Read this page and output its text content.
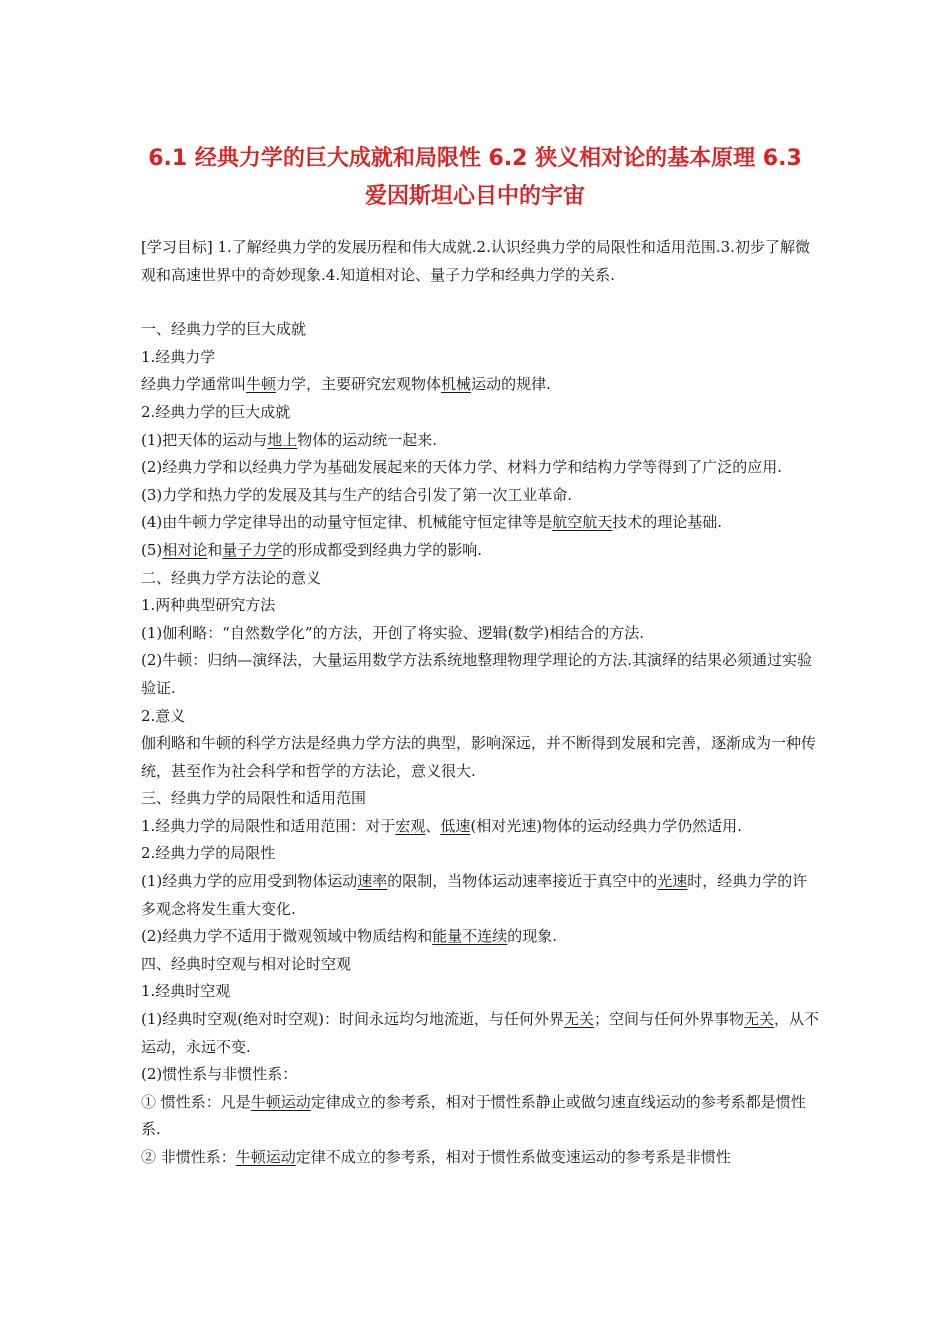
6.1 经典力学的巨大成就和局限性 6.2 狭义相对论的基本原理 6.3
爱因斯坦心目中的宇宙

[学习目标] 1.了解经典力学的发展历程和伟大成就.2.认识经典力学的局限性和适用范围.3.初步了解微观和高速世界中的奇妙现象.4.知道相对论、量子力学和经典力学的关系.

一、经典力学的巨大成就

1.经典力学

经典力学通常叫牛顿力学，主要研究宏观物体机械运动的规律.

2.经典力学的巨大成就

(1)把天体的运动与地上物体的运动统一起来.

(2)经典力学和以经典力学为基础发展起来的天体力学、材料力学和结构力学等得到了广泛的应用.

(3)力学和热力学的发展及其与生产的结合引发了第一次工业革命.

(4)由牛顿力学定律导出的动量守恒定律、机械能守恒定律等是航空航天技术的理论基础.

(5)相对论和量子力学的形成都受到经典力学的影响.

二、经典力学方法论的意义

1.两种典型研究方法

(1)伽利略：“自然数学化”的方法，开创了将实验、逻辑(数学)相结合的方法.

(2)牛顿：归纳—演绎法，大量运用数学方法系统地整理物理学理论的方法.其演绎的结果必须通过实验验证.

2.意义

伽利略和牛顿的科学方法是经典力学方法的典型，影响深远，并不断得到发展和完善，逐渐成为一种传统，甚至作为社会科学和哲学的方法论，意义很大.

三、经典力学的局限性和适用范围

1.经典力学的局限性和适用范围：对于宏观、低速(相对光速)物体的运动经典力学仍然适用.

2.经典力学的局限性

(1)经典力学的应用受到物体运动速率的限制，当物体运动速率接近于真空中的光速时，经典力学的许多观念将发生重大变化.

(2)经典力学不适用于微观领域中物质结构和能量不连续的现象.

四、经典时空观与相对论时空观

1.经典时空观

(1)经典时空观(绝对时空观)：时间永远均匀地流逝，与任何外界无关；空间与任何外界事物无关，从不运动，永远不变.

(2)惯性系与非惯性系：

① 惯性系：凡是牛顿运动定律成立的参考系，相对于惯性系静止或做匀速直线运动的参考系都是惯性系.

② 非惯性系：牛顿运动定律不成立的参考系，相对于惯性系做变速运动的参考系是非惯性
